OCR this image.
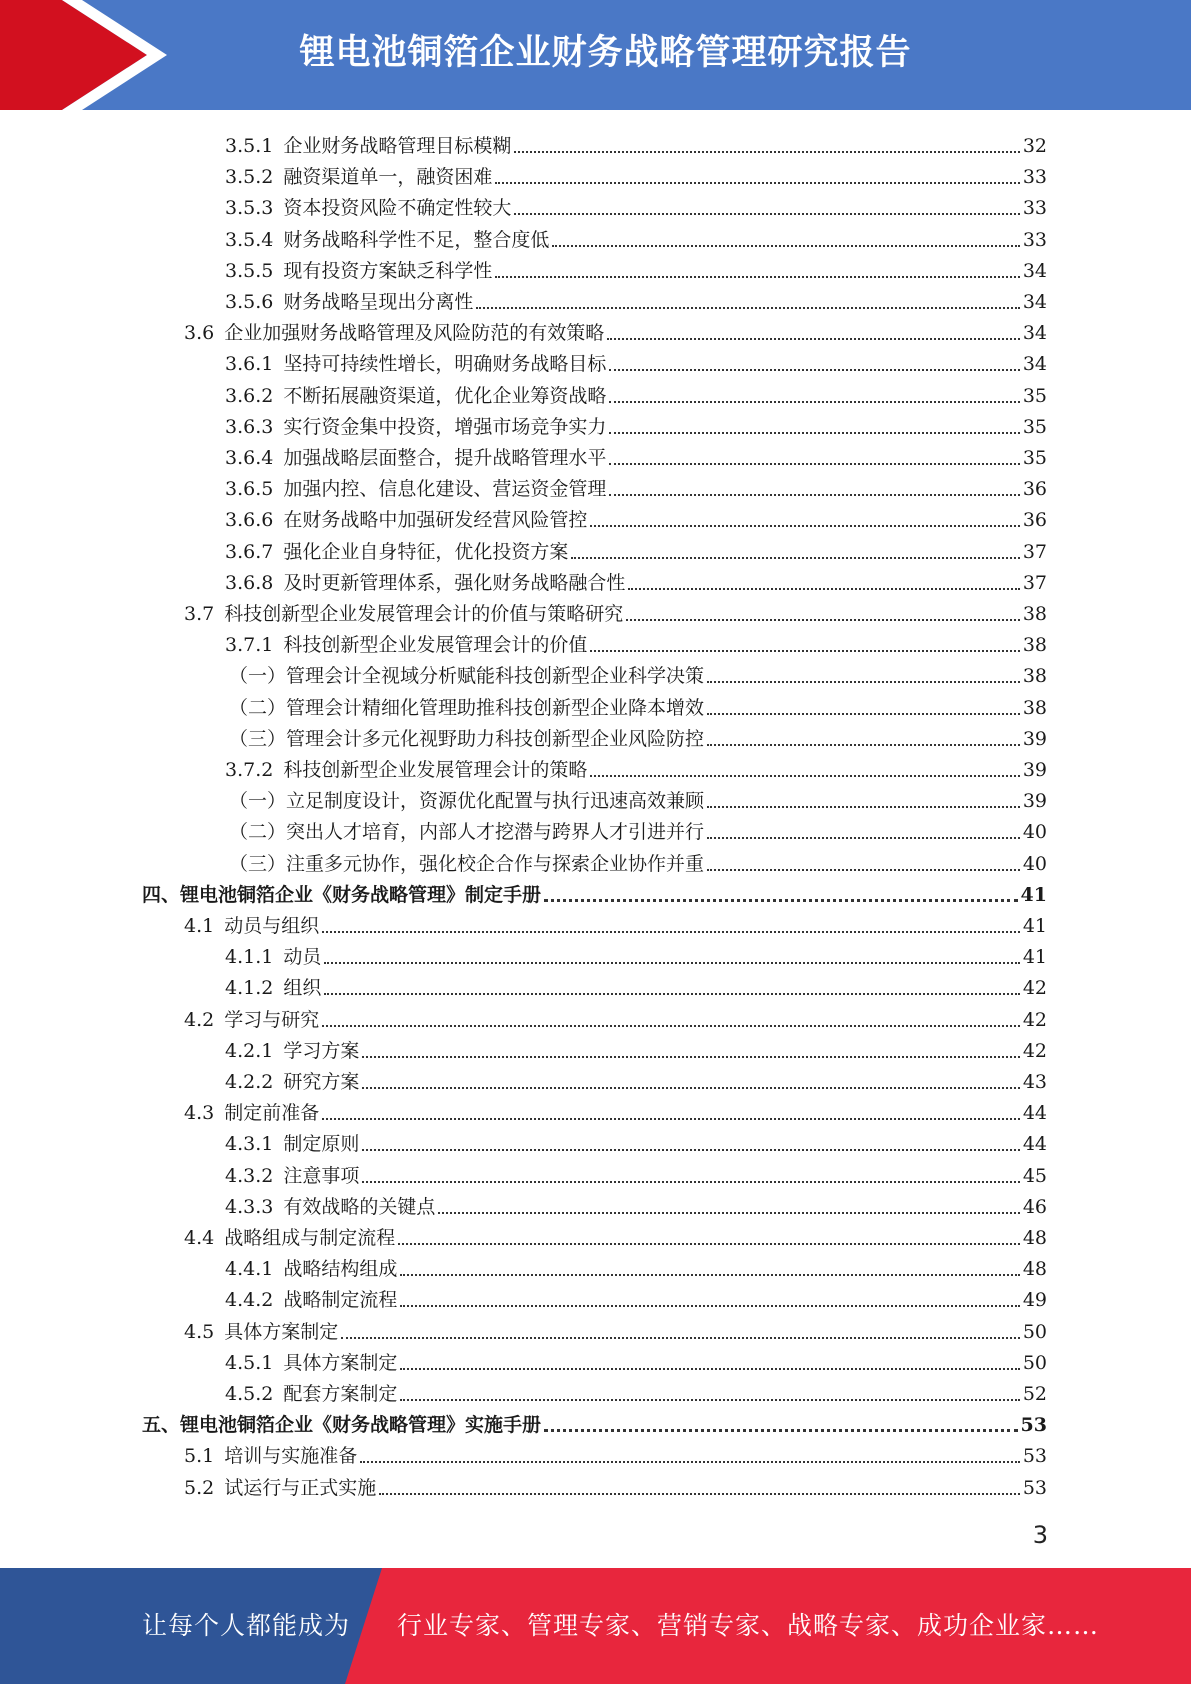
锂电池铜箔企业财务战略管理研究报告
3.5.1 企业财务战略管理目标模糊	32
3.5.2 融资渠道单一，融资困难	33
3.5.3 资本投资风险不确定性较大	33
3.5.4 财务战略科学性不足，整合度低	33
3.5.5 现有投资方案缺乏科学性	34
3.5.6 财务战略呈现出分离性	34
3.6 企业加强财务战略管理及风险防范的有效策略	34
3.6.1 坚持可持续性增长，明确财务战略目标	34
3.6.2 不断拓展融资渠道，优化企业筹资战略	35
3.6.3 实行资金集中投资，增强市场竞争实力	35
3.6.4 加强战略层面整合，提升战略管理水平	35
3.6.5 加强内控、信息化建设、营运资金管理	36
3.6.6 在财务战略中加强研发经营风险管控	36
3.6.7 强化企业自身特征，优化投资方案	37
3.6.8 及时更新管理体系，强化财务战略融合性	37
3.7 科技创新型企业发展管理会计的价值与策略研究	38
3.7.1 科技创新型企业发展管理会计的价值	38
（一）管理会计全视域分析赋能科技创新型企业科学决策	38
（二）管理会计精细化管理助推科技创新型企业降本增效	38
（三）管理会计多元化视野助力科技创新型企业风险防控	39
3.7.2 科技创新型企业发展管理会计的策略	39
（一）立足制度设计，资源优化配置与执行迅速高效兼顾	39
（二）突出人才培育，内部人才挖潜与跨界人才引进并行	40
（三）注重多元协作，强化校企合作与探索企业协作并重	40
四、锂电池铜箔企业《财务战略管理》制定手册	41
4.1 动员与组织	41
4.1.1 动员	41
4.1.2 组织	42
4.2 学习与研究	42
4.2.1 学习方案	42
4.2.2 研究方案	43
4.3 制定前准备	44
4.3.1 制定原则	44
4.3.2 注意事项	45
4.3.3 有效战略的关键点	46
4.4 战略组成与制定流程	48
4.4.1 战略结构组成	48
4.4.2 战略制定流程	49
4.5 具体方案制定	50
4.5.1 具体方案制定	50
4.5.2 配套方案制定	52
五、锂电池铜箔企业《财务战略管理》实施手册	53
5.1 培训与实施准备	53
5.2 试运行与正式实施	53
3
让每个人都能成为 行业专家、管理专家、营销专家、战略专家、成功企业家……
